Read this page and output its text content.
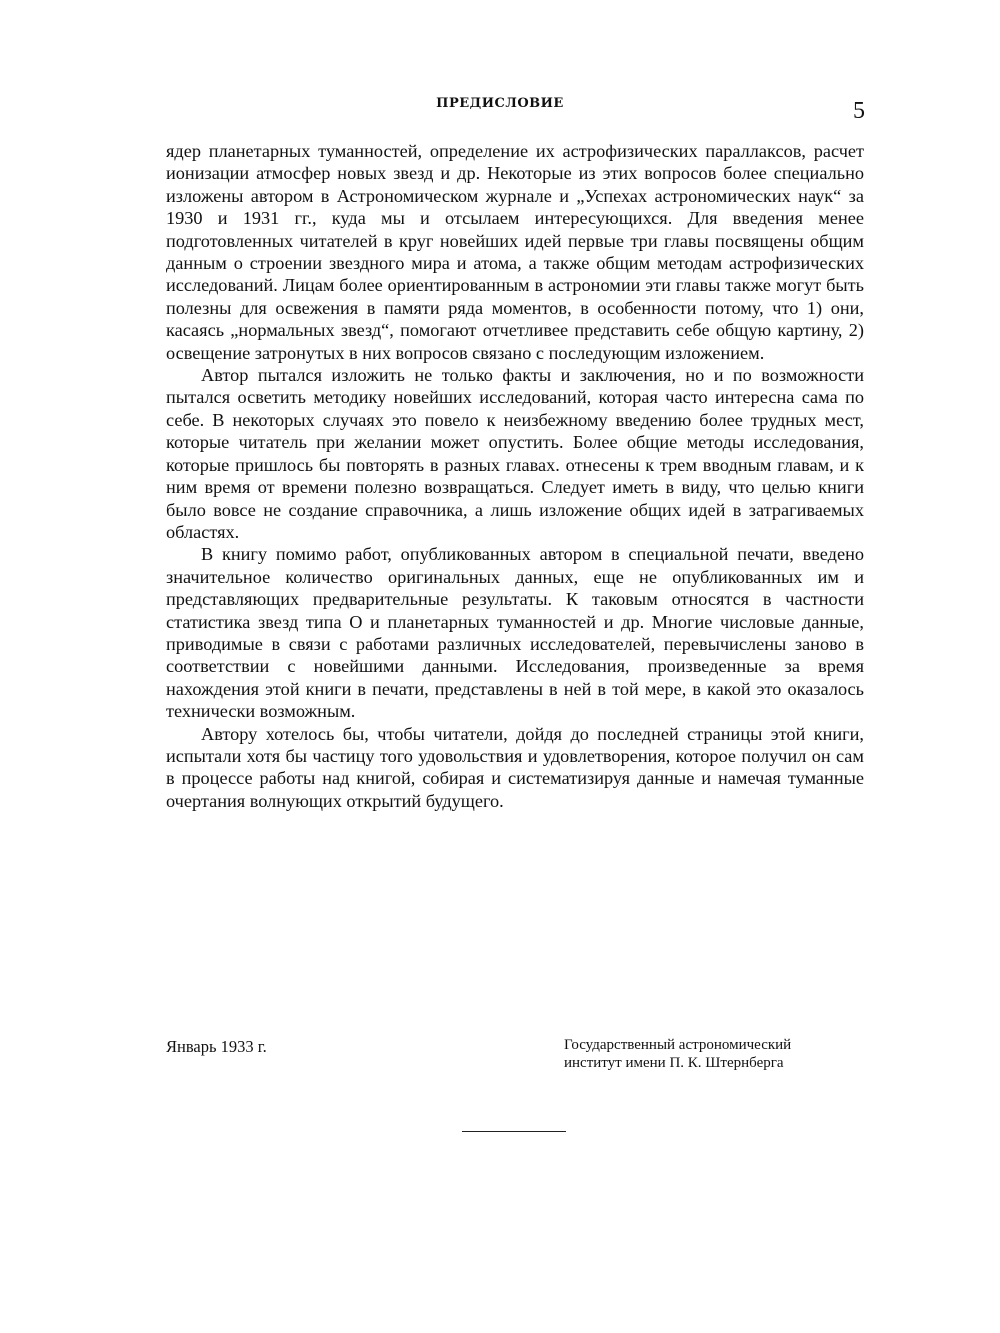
ПРЕДИСЛОВИЕ	5

ядер планетарных туманностей, определение их астрофизических параллаксов, расчет ионизации атмосфер новых звезд и др. Некоторые из этих вопросов более специально изложены автором в Астрономическом журнале и „Успехах астрономических наук“ за 1930 и 1931 гг., куда мы и отсылаем интересующихся. Для введения менее подготовленных читателей в круг новейших идей первые три главы посвящены общим данным о строении звездного мира и атома, а также общим методам астрофизических исследований. Лицам более ориентированным в астрономии эти главы также могут быть полезны для освежения в памяти ряда моментов, в особенности потому, что 1) они, касаясь „нормальных звезд“, помогают отчетливее представить себе общую картину, 2) освещение затронутых в них вопросов связано с последующим изложением.

Автор пытался изложить не только факты и заключения, но и по возможности пытался осветить методику новейших исследований, которая часто интересна сама по себе. В некоторых случаях это повело к неизбежному введению более трудных мест, которые читатель при желании может опустить. Более общие методы исследования, которые пришлось бы повторять в разных главах. отнесены к трем вводным главам, и к ним время от времени полезно возвращаться. Следует иметь в виду, что целью книги было вовсе не создание справочника, а лишь изложение общих идей в затрагиваемых областях.

В книгу помимо работ, опубликованных автором в специальной печати, введено значительное количество оригинальных данных, еще не опубликованных им и представляющих предварительные результаты. К таковым относятся в частности статистика звезд типа О и планетарных туманностей и др. Многие числовые данные, приводимые в связи с работами различных исследователей, перевычислены заново в соответствии с новейшими данными. Исследования, произведенные за время нахождения этой книги в печати, представлены в ней в той мере, в какой это оказалось технически возможным.

Автору хотелось бы, чтобы читатели, дойдя до последней страницы этой книги, испытали хотя бы частицу того удовольствия и удовлетворения, которое получил он сам в процессе работы над книгой, собирая и систематизируя данные и намечая туманные очертания волнующих открытий будущего.

Январь 1933 г.	Государственный астрономический
институт имени П. К. Штернберга
